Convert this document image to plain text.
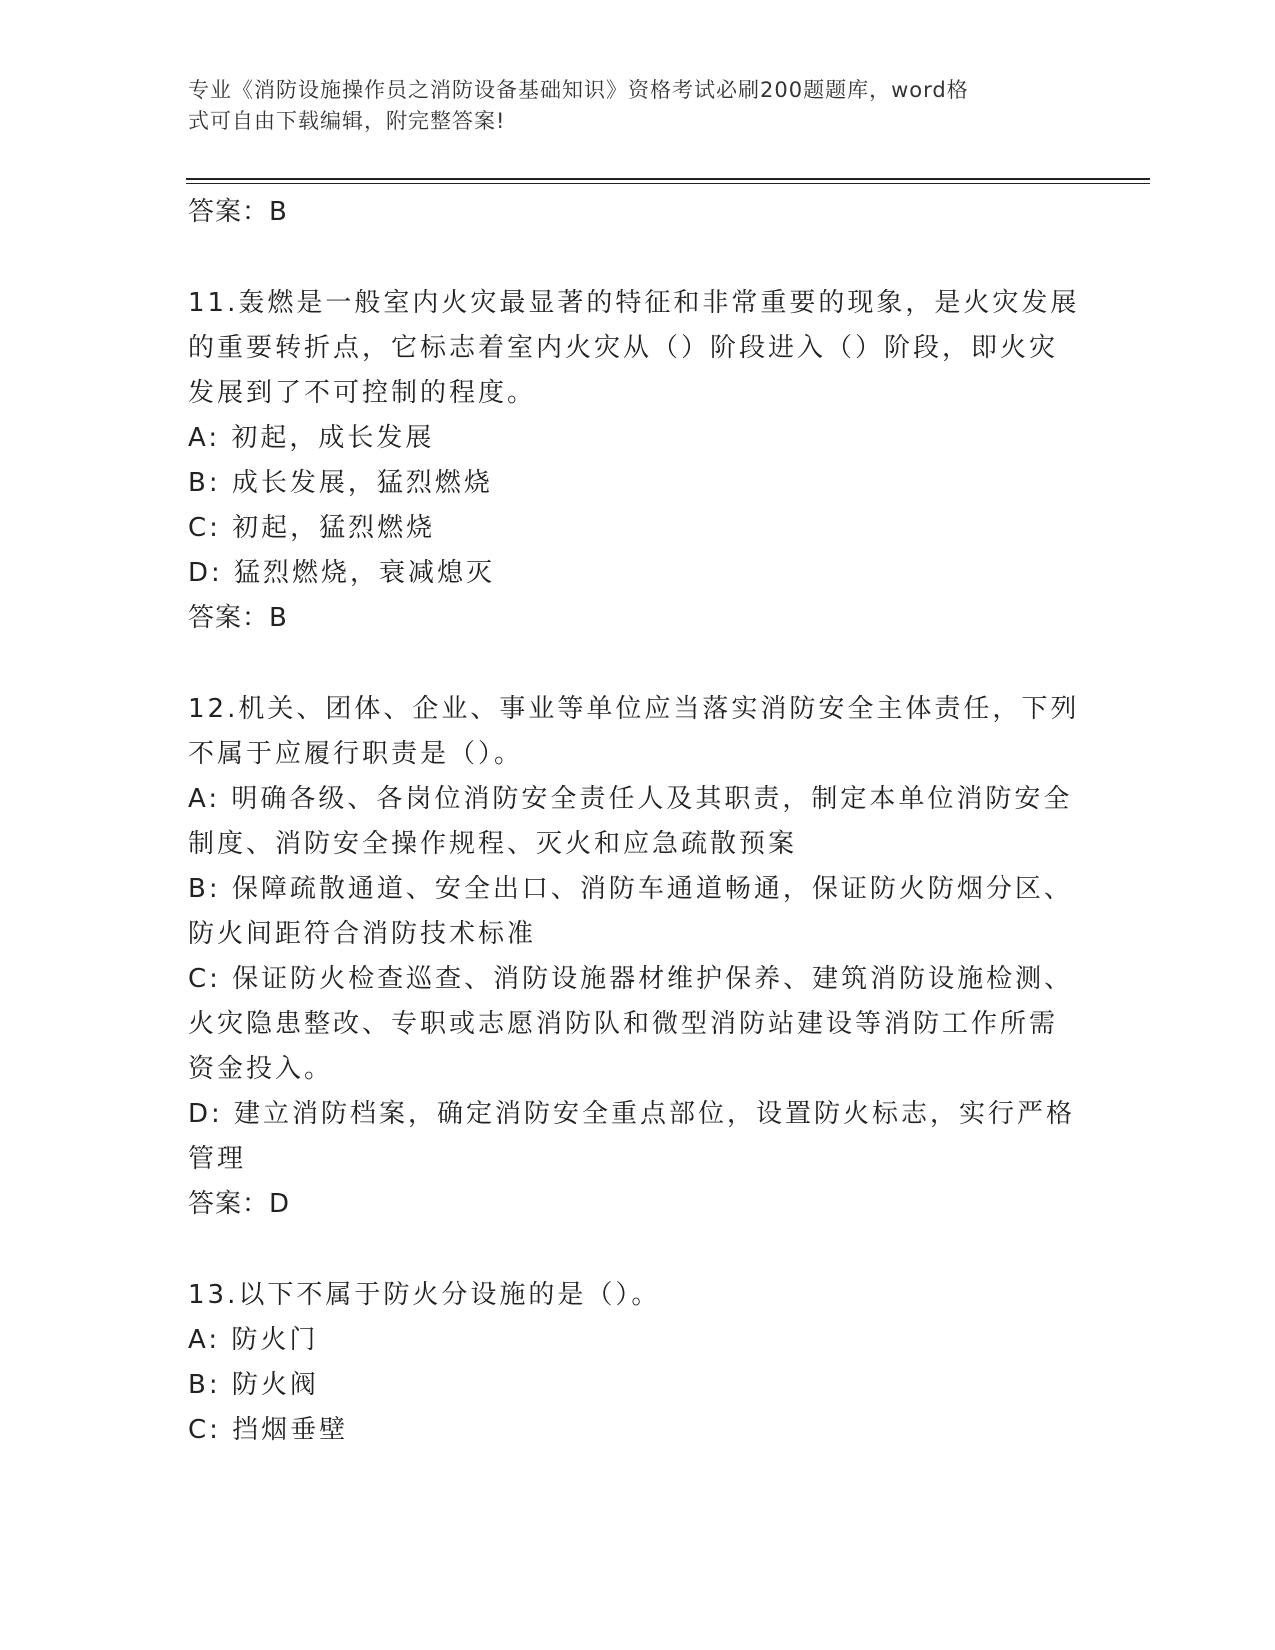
专业《消防设施操作员之消防设备基础知识》资格考试必刷200题题库，word格
式可自由下载编辑，附完整答案!
答案：B
11.轰燃是一般室内火灾最显著的特征和非常重要的现象，是火灾发展
的重要转折点，它标志着室内火灾从（）阶段进入（）阶段，即火灾
发展到了不可控制的程度。
A: 初起，成长发展
B: 成长发展，猛烈燃烧
C: 初起，猛烈燃烧
D: 猛烈燃烧，衰减熄灭
答案：B
12.机关、团体、企业、事业等单位应当落实消防安全主体责任，下列
不属于应履行职责是（）。
A: 明确各级、各岗位消防安全责任人及其职责，制定本单位消防安全
制度、消防安全操作规程、灭火和应急疏散预案
B: 保障疏散通道、安全出口、消防车通道畅通，保证防火防烟分区、
防火间距符合消防技术标准
C: 保证防火检查巡查、消防设施器材维护保养、建筑消防设施检测、
火灾隐患整改、专职或志愿消防队和微型消防站建设等消防工作所需
资金投入。
D: 建立消防档案，确定消防安全重点部位，设置防火标志，实行严格
管理
答案：D
13.以下不属于防火分设施的是（）。
A: 防火门
B: 防火阀
C: 挡烟垂壁
